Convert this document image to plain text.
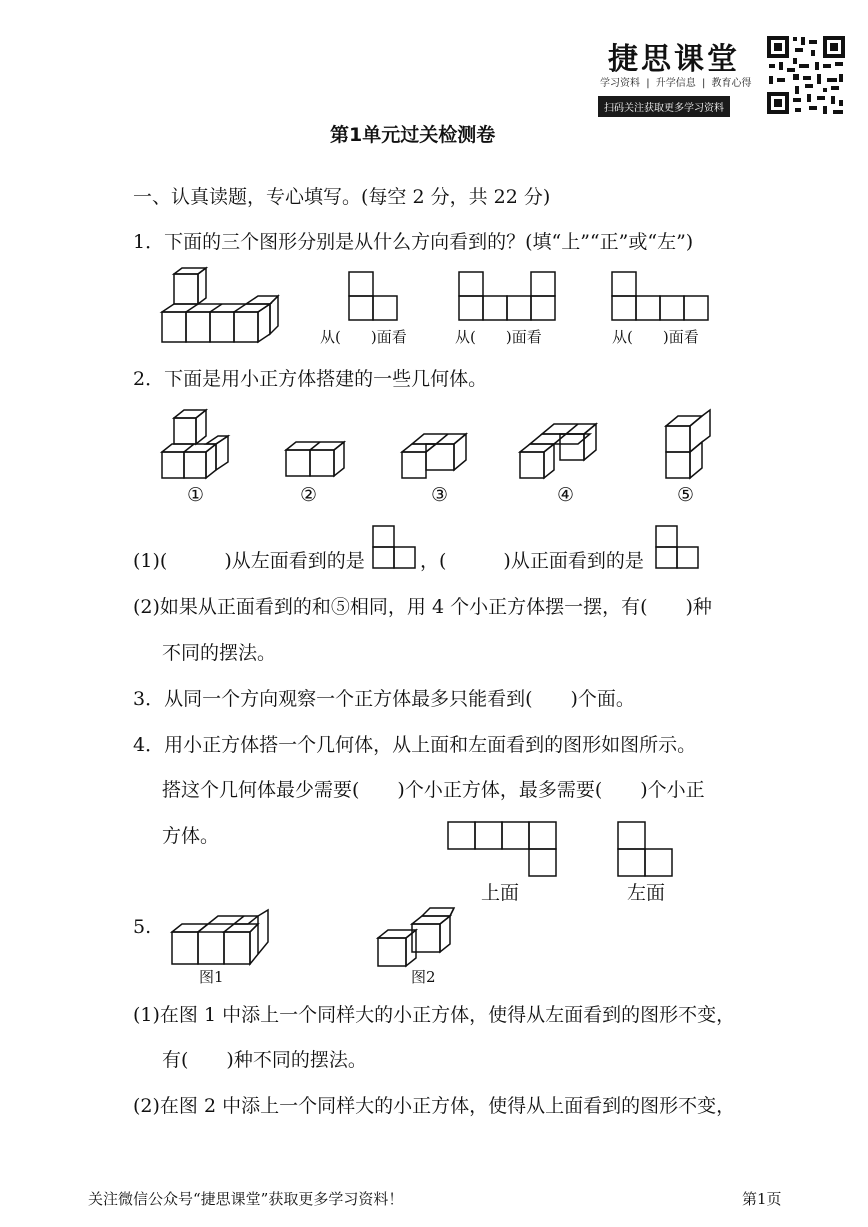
捷思课堂
学习资料 | 升学信息 | 教育心得
扫码关注获取更多学习资料
第1单元过关检测卷
一、认真读题，专心填写。(每空 2 分，共 22 分)
1．下面的三个图形分别是从什么方向看到的？(填“上”“正”或“左”)
从(　　)面看	从(　　)面看	从(　　)面看
2．下面是用小正方体搭建的一些几何体。
①	②	③	④	⑤
(1)(　　　)从左面看到的是	，(　　　)从正面看到的是
(2)如果从正面看到的和⑤相同，用 4 个小正方体摆一摆，有(　　)种
不同的摆法。
3．从同一个方向观察一个正方体最多只能看到(　　)个面。
4．用小正方体搭一个几何体，从上面和左面看到的图形如图所示。
搭这个几何体最少需要(　　)个小正方体，最多需要(　　)个小正
方体。
上面	左面
5.
图1	图2
(1)在图 1 中添上一个同样大的小正方体，使得从左面看到的图形不变，
有(　　)种不同的摆法。
(2)在图 2 中添上一个同样大的小正方体，使得从上面看到的图形不变，
关注微信公众号“捷思课堂”获取更多学习资料！	第1页
